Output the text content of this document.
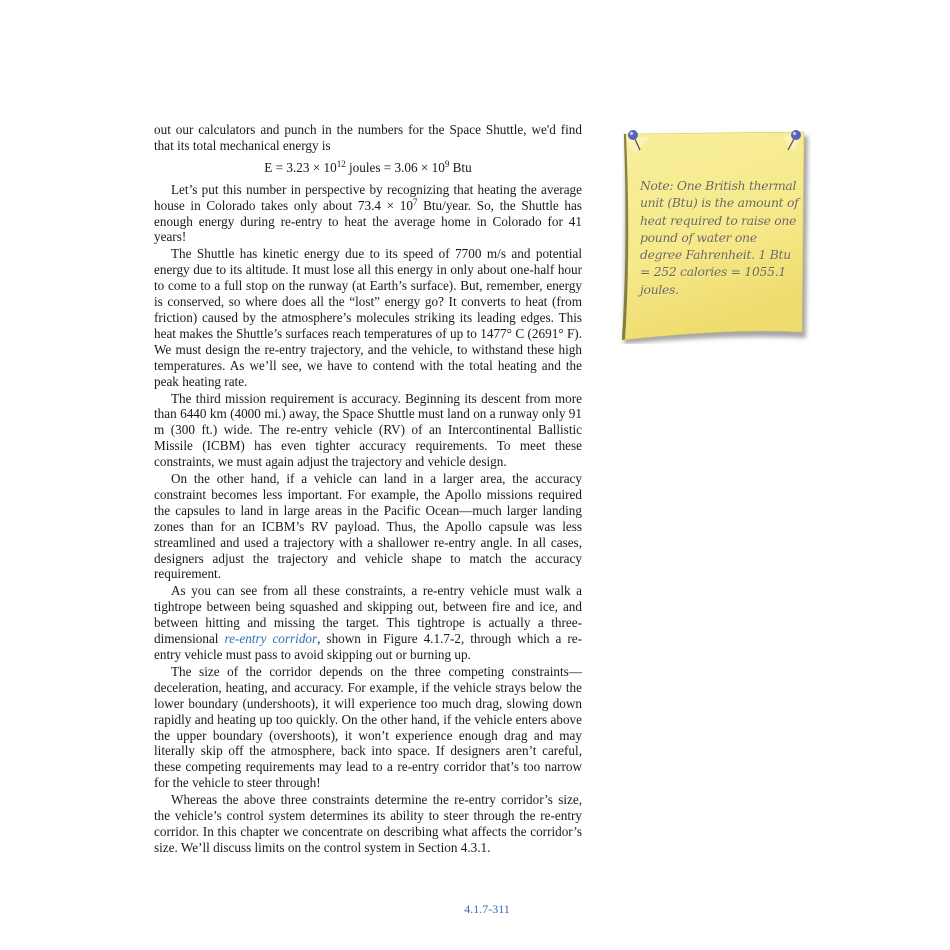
out our calculators and punch in the numbers for the Space Shuttle, we'd find that its total mechanical energy is

$E = 3.23 \times 10^{12}$ joules = $3.06 \times 10^9$ Btu

Let’s put this number in perspective by recognizing that heating the average house in Colorado takes only about $73.4 \times 10^7$ Btu/year. So, the Shuttle has enough energy during re-entry to heat the average home in Colorado for 41 years!

The Shuttle has kinetic energy due to its speed of 7700 m/s and potential energy due to its altitude. It must lose all this energy in only about one-half hour to come to a full stop on the runway (at Earth’s surface). But, remember, energy is conserved, so where does all the “lost” energy go? It converts to heat (from friction) caused by the atmosphere’s molecules striking its leading edges. This heat makes the Shuttle’s surfaces reach temperatures of up to 1477° C (2691° F). We must design the re-entry trajectory, and the vehicle, to withstand these high temperatures. As we’ll see, we have to contend with the total heating and the peak heating rate.

The third mission requirement is accuracy. Beginning its descent from more than 6440 km (4000 mi.) away, the Space Shuttle must land on a runway only 91 m (300 ft.) wide. The re-entry vehicle (RV) of an Intercontinental Ballistic Missile (ICBM) has even tighter accuracy requirements. To meet these constraints, we must again adjust the trajectory and vehicle design.

On the other hand, if a vehicle can land in a larger area, the accuracy constraint becomes less important. For example, the Apollo missions required the capsules to land in large areas in the Pacific Ocean—much larger landing zones than for an ICBM’s RV payload. Thus, the Apollo capsule was less streamlined and used a trajectory with a shallower re-entry angle. In all cases, designers adjust the trajectory and vehicle shape to match the accuracy requirement.

As you can see from all these constraints, a re-entry vehicle must walk a tightrope between being squashed and skipping out, between fire and ice, and between hitting and missing the target. This tightrope is actually a three-dimensional re-entry corridor, shown in Figure 4.1.7-2, through which a re-entry vehicle must pass to avoid skipping out or burning up.

The size of the corridor depends on the three competing constraints—deceleration, heating, and accuracy. For example, if the vehicle strays below the lower boundary (undershoots), it will experience too much drag, slowing down rapidly and heating up too quickly. On the other hand, if the vehicle enters above the upper boundary (overshoots), it won’t experience enough drag and may literally skip off the atmosphere, back into space. If designers aren’t careful, these competing requirements may lead to a re-entry corridor that’s too narrow for the vehicle to steer through!

Whereas the above three constraints determine the re-entry corridor’s size, the vehicle’s control system determines its ability to steer through the re-entry corridor. In this chapter we concentrate on describing what affects the corridor’s size. We’ll discuss limits on the control system in Section 4.3.1.

Note: One British thermal unit (Btu) is the amount of heat required to raise one pound of water one degree Fahrenheit. 1 Btu = 252 calories = 1055.1 joules.
4.1.7-311
